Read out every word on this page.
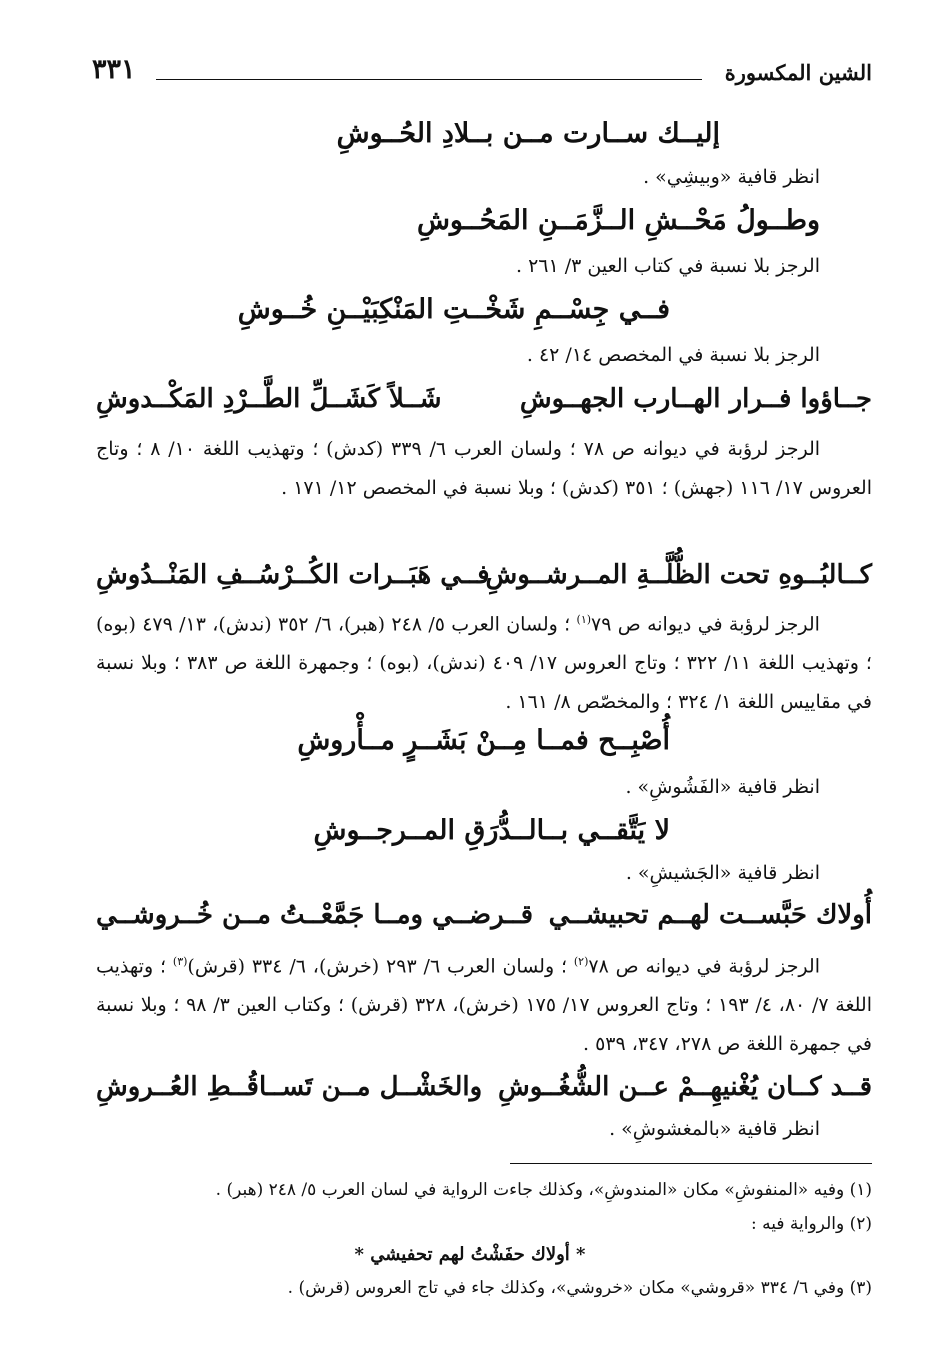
الشين المكسورة
٣٣١
إليــك ســارت مــن بــلادِ الحُــوشِ
انظر قافية «وبيشِي» .
وطــولُ مَحْــشِ الــزَّمَــنِ المَحُــوشِ
الرجز بلا نسبة في كتاب العين ٣/ ٢٦١ .
فــي جِسْــمِ شَخْــتِ المَنْكِبَيْــنِ خُــوشِ
الرجز بلا نسبة في المخصص ١٤/ ٤٢ .
جــاؤوا فــرار الهــارب الجهــوشِ
شَــلاً كَشَــلِّ الطَّــرْدِ المَكْــدوشِ
الرجز لرؤبة في ديوانه ص ٧٨ ؛ ولسان العرب ٦/ ٣٣٩ (كدش) ؛ وتهذيب اللغة ١٠/ ٨ ؛ وتاج العروس ١٧/ ١١٦ (جهش) ؛ ٣٥١ (كدش) ؛ وبلا نسبة في المخصص ١٢/ ١٧١ .
كــالبُــوهِ تحت الظُّلَّــةِ المــرشــوشِ
فــي هَبَــرات الكُــرْسُــفِ المَنْــدُوشِ
الرجز لرؤبة في ديوانه ص ٧٩$^{(١)}$ ؛ ولسان العرب ٥/ ٢٤٨ (هبر)، ٦/ ٣٥٢ (ندش)، ١٣/ ٤٧٩ (بوه) ؛ وتهذيب اللغة ١١/ ٣٢٢ ؛ وتاج العروس ١٧/ ٤٠٩ (ندش)، (بوه) ؛ وجمهرة اللغة ص ٣٨٣ ؛ وبلا نسبة في مقاييس اللغة ١/ ٣٢٤ ؛ والمخصّص ٨/ ١٦١ .
أُصْبِــح فمــا مِــنْ بَشَــرٍ مــأْروشِ
انظر قافية «الفَشُوشِ» .
لا يَتَّقــي بــالــدُّرَقِ المــرجــوشِ
انظر قافية «الجَشيشِ» .
أُولاك حَبَّســت لهــم تحبيشــي
قــرضــي ومــا جَمَّعْــتُ مــن خُــروشــي
الرجز لرؤبة في ديوانه ص ٧٨$^{(٢)}$ ؛ ولسان العرب ٦/ ٢٩٣ (خرش)، ٦/ ٣٣٤ (قرش)$^{(٣)}$ ؛ وتهذيب اللغة ٧/ ٨٠، ٤/ ١٩٣ ؛ وتاج العروس ١٧/ ١٧٥ (خرش)، ٣٢٨ (قرش) ؛ وكتاب العين ٣/ ٩٨ ؛ وبلا نسبة في جمهرة اللغة ص ٢٧٨، ٣٤٧، ٥٣٩ .
قــد كــان يُغْنيهِــمْ عــن الشُّغُــوشِ
والخَشْــل مــن تَســاقُــطِ العُــروشِ
انظر قافية «بالمغشوشِ» .
(١) وفيه «المنفوشِ» مكان «المندوشِ»، وكذلك جاءت الرواية في لسان العرب ٥/ ٢٤٨ (هبر) .
(٢) والرواية فيه :
* أولاك حفَشْتُ لهم تحفيشي *
(٣) وفي ٦/ ٣٣٤ «قروشي» مكان «خروشي»، وكذلك جاء في تاج العروس (قرش) .
